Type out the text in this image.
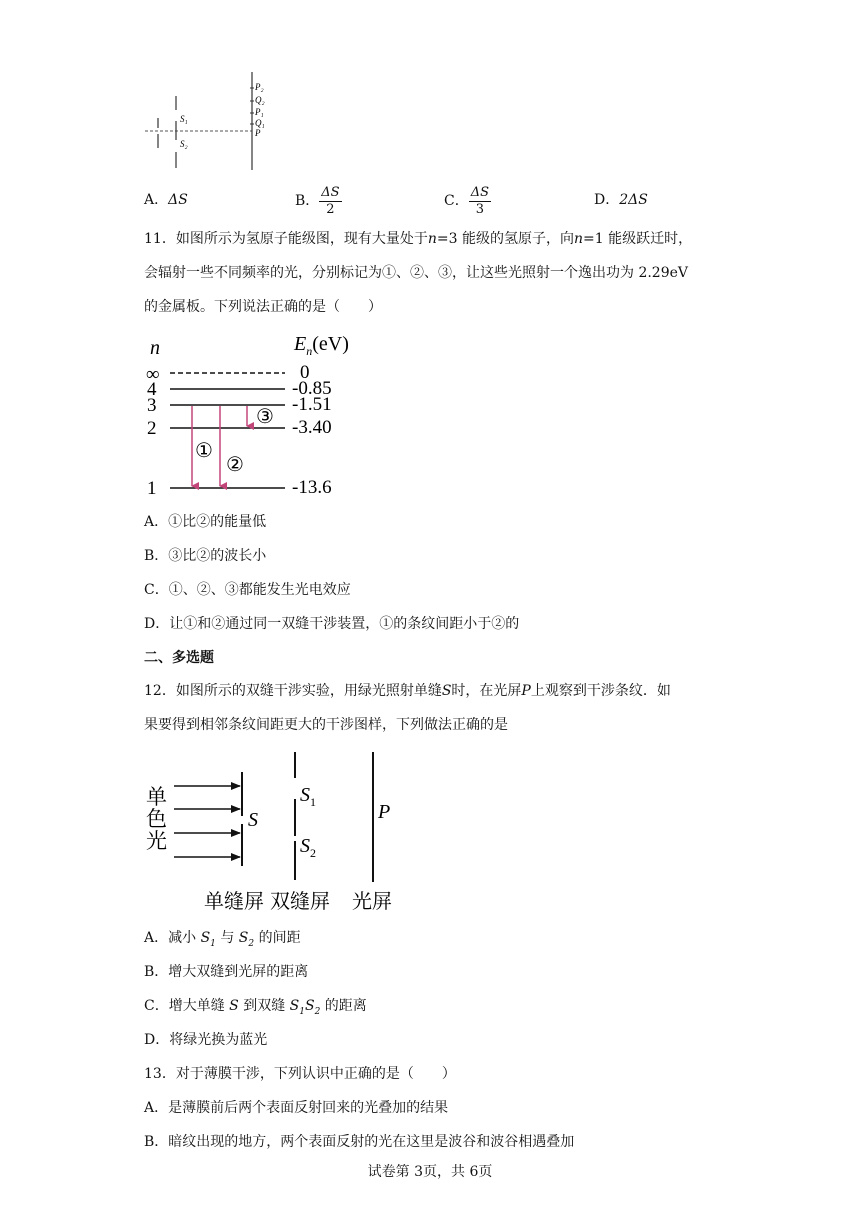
P₂
Q₂
P₁
Q₁
P
S₁
S₂
A．ΔS	B．
ΔS
2	C．
ΔS
3
D．2ΔS
11．如图所示为氢原子能级图，现有大量处于n=3 能级的氢原子，向n=1 能级跃迁时，
会辐射一些不同频率的光，分别标记为①、②、③，让这些光照射一个逸出功为 2.29eV
的金属板。下列说法正确的是（　　）
n	$E_n(eV)$
∞
4
3
2
1
0
-0.85
-1.51
-3.40
-13.6
①
②
③
A．①比②的能量低
B．③比②的波长小
C．①、②、③都能发生光电效应
D．让①和②通过同一双缝干涉装置，①的条纹间距小于②的
二、多选题
12．如图所示的双缝干涉实验，用绿光照射单缝S时，在光屏P上观察到干涉条纹．如
果要得到相邻条纹间距更大的干涉图样，下列做法正确的是
单
色
光
S
$S_1$
$S_2$
P
单缝屏 双缝屏 光屏
A．减小 $S_1$ 与 $S_2$ 的间距
B．增大双缝到光屏的距离
C．增大单缝 S 到双缝 $S_1S_2$ 的距离
D．将绿光换为蓝光
13．对于薄膜干涉，下列认识中正确的是（　　）
A．是薄膜前后两个表面反射回来的光叠加的结果
B．暗纹出现的地方，两个表面反射的光在这里是波谷和波谷相遇叠加
试卷第 3页，共 6页
